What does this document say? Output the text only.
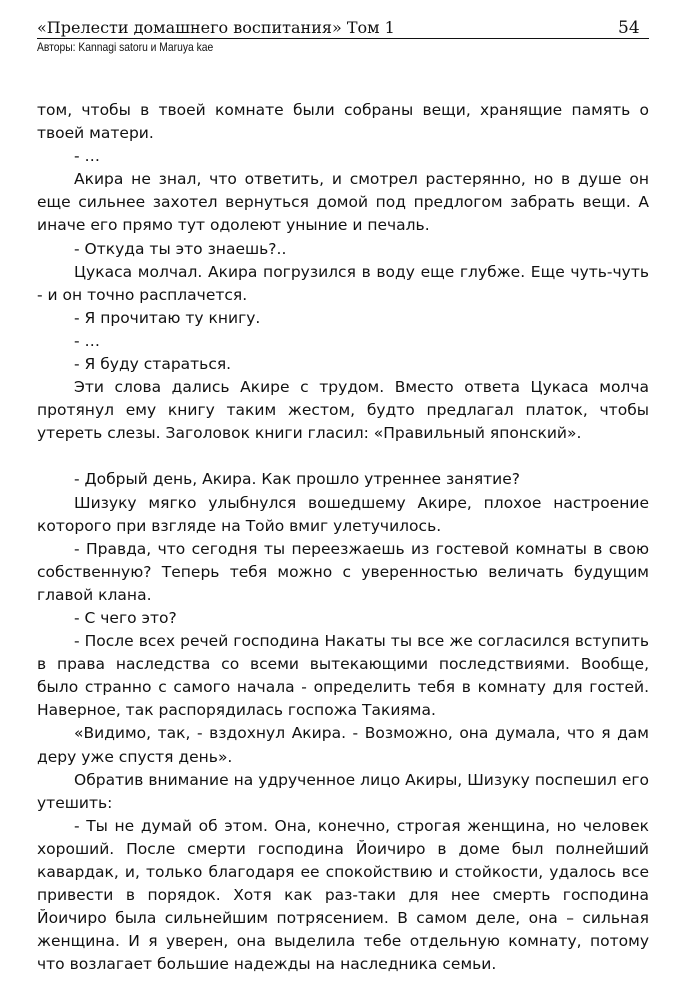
«Прелести домашнего воспитания» Том 1
Авторы: Kannagi satoru и Maruya kae
54

том, чтобы в твоей комнате были собраны вещи, хранящие память о твоей матери.

- …

Акира не знал, что ответить, и смотрел растерянно, но в душе он еще сильнее захотел вернуться домой под предлогом забрать вещи. А иначе его прямо тут одолеют уныние и печаль.

- Откуда ты это знаешь?..

Цукаса молчал. Акира погрузился в воду еще глубже. Еще чуть-чуть - и он точно расплачется.

- Я прочитаю ту книгу.

- …

- Я буду стараться.

Эти слова дались Акире с трудом. Вместо ответа Цукаса молча протянул ему книгу таким жестом, будто предлагал платок, чтобы утереть слезы. Заголовок книги гласил: «Правильный японский».

- Добрый день, Акира. Как прошло утреннее занятие?

Шизуку мягко улыбнулся вошедшему Акире, плохое настроение которого при взгляде на Тойо вмиг улетучилось.

- Правда, что сегодня ты переезжаешь из гостевой комнаты в свою собственную? Теперь тебя можно с уверенностью величать будущим главой клана.

- С чего это?

- После всех речей господина Накаты ты все же согласился вступить в права наследства со всеми вытекающими последствиями. Вообще, было странно с самого начала - определить тебя в комнату для гостей. Наверное, так распорядилась госпожа Такияма.

«Видимо, так, - вздохнул Акира. - Возможно, она думала, что я дам деру уже спустя день».

Обратив внимание на удрученное лицо Акиры, Шизуку поспешил его утешить:

- Ты не думай об этом. Она, конечно, строгая женщина, но человек хороший. После смерти господина Йоичиро в доме был полнейший кавардак, и, только благодаря ее спокойствию и стойкости, удалось все привести в порядок. Хотя как раз-таки для нее смерть господина Йоичиро была сильнейшим потрясением. В самом деле, она – сильная женщина. И я уверен, она выделила тебе отдельную комнату, потому что возлагает большие надежды на наследника семьи.
